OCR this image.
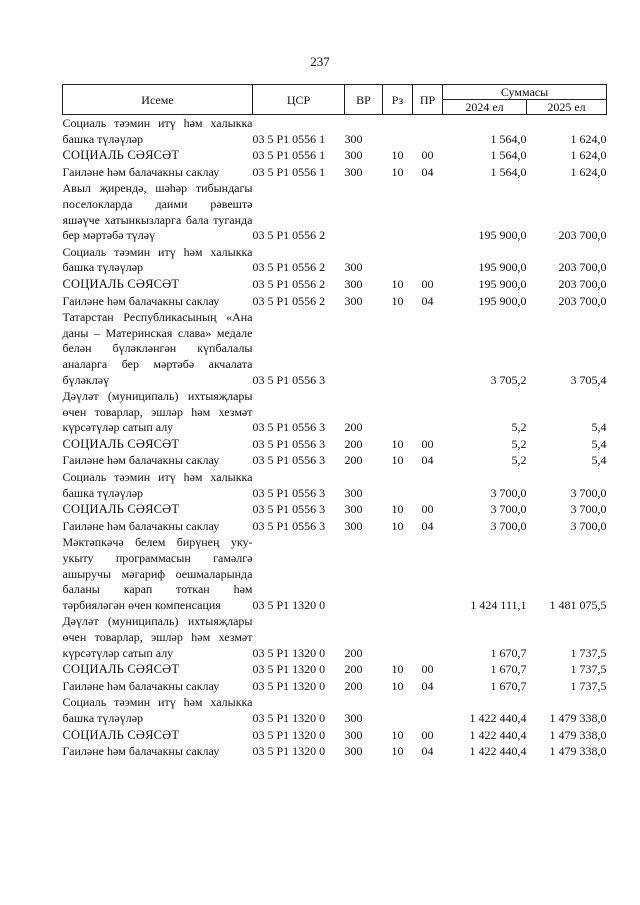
237
Исеме	ЦСР	ВР	Рз	ПР	Суммасы	
					2024 ел	2025 ел
Социаль тәэмин итү һәм халыкка башка түләүләр	03 5 Р1 0556 1	300			1 564,0	1 624,0
СОЦИАЛЬ СӘЯСӘТ	03 5 Р1 0556 1	300	10	00	1 564,0	1 624,0
Гаиләне һәм балачакны саклау	03 5 Р1 0556 1	300	10	04	1 564,0	1 624,0
Авыл җирендә, шәһәр тибындагы поселокларда даими рәвештә яшәүче хатынкызларга бала туганда бер мәртәбә түләү	03 5 Р1 0556 2				195 900,0	203 700,0
Социаль тәэмин итү һәм халыкка башка түләүләр	03 5 Р1 0556 2	300			195 900,0	203 700,0
СОЦИАЛЬ СӘЯСӘТ	03 5 Р1 0556 2	300	10	00	195 900,0	203 700,0
Гаиләне һәм балачакны саклау	03 5 Р1 0556 2	300	10	04	195 900,0	203 700,0
Татарстан Республикасының «Ана даны – Материнская слава» медале белән бүләкләнгән күпбалалы аналарга бер мәртәбә акчалата бүләкләү	03 5 Р1 0556 3				3 705,2	3 705,4
Дәүләт (муниципаль) ихтыяҗлары өчен товарлар, эшләр һәм хезмәт күрсәтүләр сатып алу	03 5 Р1 0556 3	200			5,2	5,4
СОЦИАЛЬ СӘЯСӘТ	03 5 Р1 0556 3	200	10	00	5,2	5,4
Гаиләне һәм балачакны саклау	03 5 Р1 0556 3	200	10	04	5,2	5,4
Социаль тәэмин итү һәм халыкка башка түләүләр	03 5 Р1 0556 3	300			3 700,0	3 700,0
СОЦИАЛЬ СӘЯСӘТ	03 5 Р1 0556 3	300	10	00	3 700,0	3 700,0
Гаиләне һәм балачакны саклау	03 5 Р1 0556 3	300	10	04	3 700,0	3 700,0
Мәктәпкәчә белем бирүнең уку-укыту программасын гамәлгә ашыручы мәгариф оешмаларында баланы карап тоткан һәм тәрбияләгән өчен компенсация	03 5 Р1 1320 0				1 424 111,1	1 481 075,5
Дәүләт (муниципаль) ихтыяҗлары өчен товарлар, эшләр һәм хезмәт күрсәтүләр сатып алу	03 5 Р1 1320 0	200			1 670,7	1 737,5
СОЦИАЛЬ СӘЯСӘТ	03 5 Р1 1320 0	200	10	00	1 670,7	1 737,5
Гаиләне һәм балачакны саклау	03 5 Р1 1320 0	200	10	04	1 670,7	1 737,5
Социаль тәэмин итү һәм халыкка башка түләүләр	03 5 Р1 1320 0	300			1 422 440,4	1 479 338,0
СОЦИАЛЬ СӘЯСӘТ	03 5 Р1 1320 0	300	10	00	1 422 440,4	1 479 338,0
Гаиләне һәм балачакны саклау	03 5 Р1 1320 0	300	10	04	1 422 440,4	1 479 338,0
